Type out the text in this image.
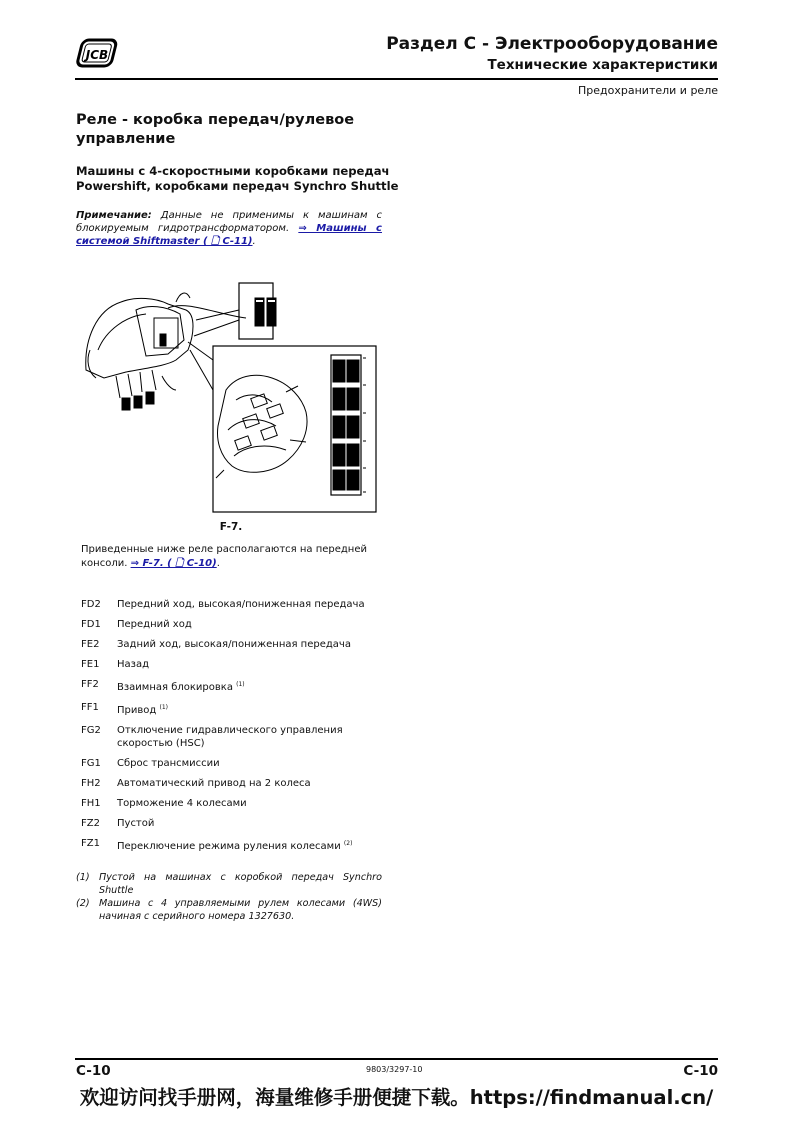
JCB
Раздел C - Электрооборудование
Технические характеристики
Предохранители и реле
Реле - коробка передач/рулевое управление
Машины с 4-скоростными коробками передач
Powershift, коробками передач Synchro Shuttle
Примечание: Данные не применимы к машинам с блокируемым гидротрансформатором. ⇒ Машины с системой Shiftmaster ( 🗋 C-11).
F-7.
Приведенные ниже реле располагаются на передней консоли. ⇒ F-7. ( 🗋 C-10).
FD2	Передний ход, высокая/пониженная передача
FD1	Передний ход
FE2	Задний ход, высокая/пониженная передача
FE1	Назад
FF2	Взаимная блокировка $^{(1)}$
FF1	Привод $^{(1)}$
FG2	Отключение гидравлического управления скоростью (HSC)
FG1	Сброс трансмиссии
FH2	Автоматический привод на 2 колеса
FH1	Торможение 4 колесами
FZ2	Пустой
FZ1	Переключение режима руления колесами $^{(2)}$
(1) Пустой на машинах с коробкой передач Synchro Shuttle
(2) Машина с 4 управляемыми рулем колесами (4WS) начиная с серийного номера 1327630.
C-10	9803/3297-10	C-10
欢迎访问找手册网，海量维修手册便捷下载。https://findmanual.cn/
